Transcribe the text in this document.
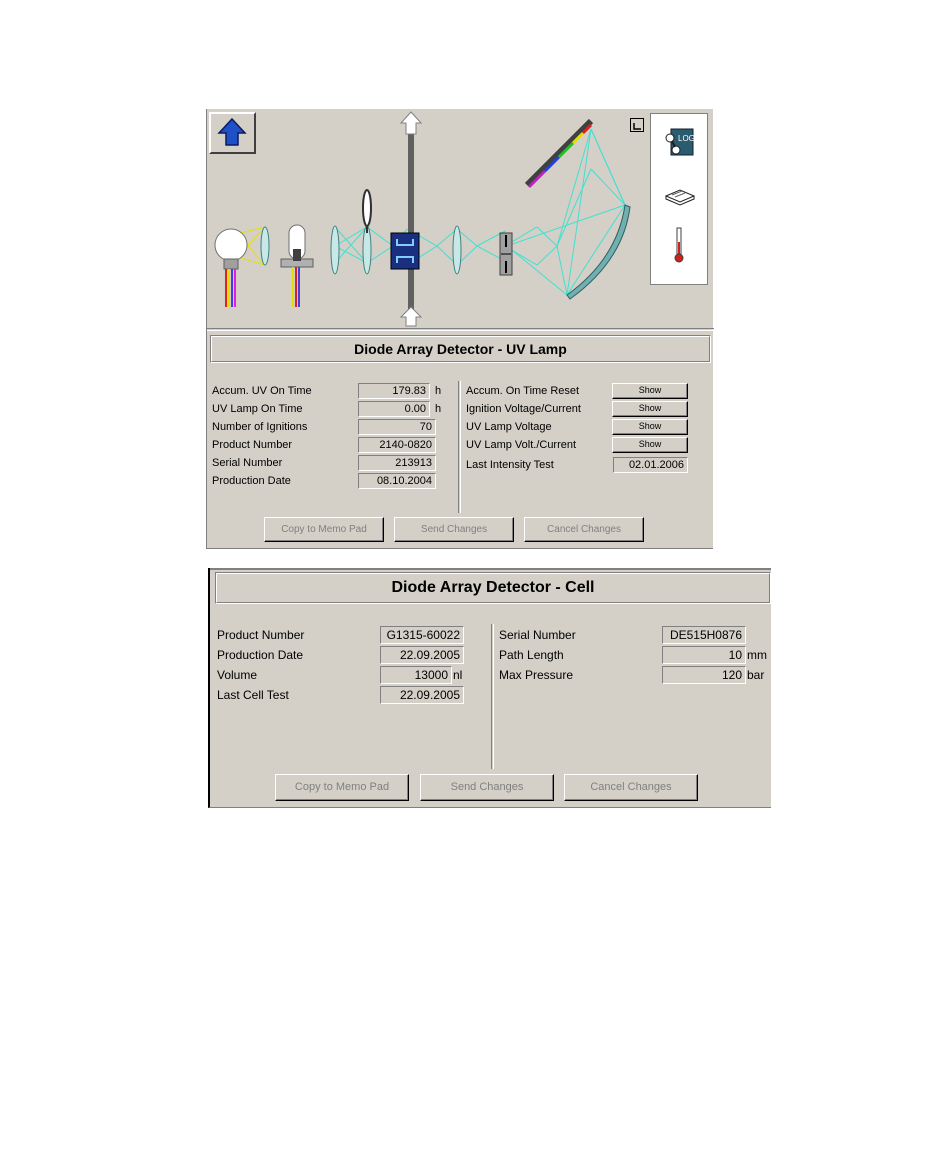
LOG
Diode Array Detector - UV Lamp
Accum. UV On Time	179.83 h
UV Lamp On Time	0.00 h
Number of Ignitions	70
Product Number	2140-0820
Serial Number	213913
Production Date	08.10.2004
Accum. On Time Reset	Show
Ignition Voltage/Current	Show
UV Lamp Voltage	Show
UV Lamp Volt./Current	Show
Last Intensity Test	02.01.2006
Copy to Memo Pad	Send Changes	Cancel Changes
Diode Array Detector - Cell
Product Number	G1315-60022
Production Date	22.09.2005
Volume	13000 nl
Last Cell Test	22.09.2005
Serial Number	DE515H0876
Path Length	10 mm
Max Pressure	120 bar
Copy to Memo Pad	Send Changes	Cancel Changes
